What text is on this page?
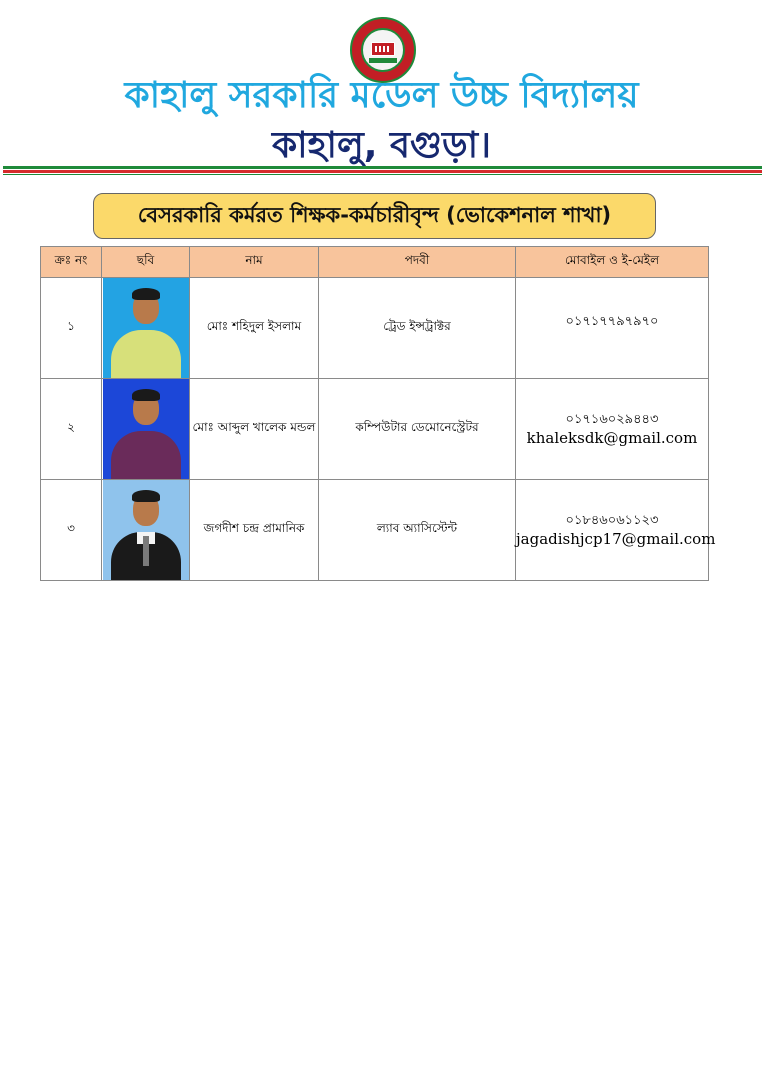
কাহালু সরকারি মডেল উচ্চ বিদ্যালয়
কাহালু, বগুড়া।
বেসরকারি কর্মরত শিক্ষক-কর্মচারীবৃন্দ (ভোকেশনাল শাখা)
ক্রঃ নং	ছবি	নাম	পদবী	মোবাইল ও ই-মেইল
১		মোঃ শহিদুল ইসলাম	ট্রেড ইন্সট্রাক্টর	০১৭১৭৭৯৭৯৭০

২		মোঃ আব্দুল খালেক মন্ডল	কম্পিউটার ডেমোনেস্ট্রেটর	০১৭১৬০২৯৪৪৩
khaleksdk@gmail.com
৩		জগদীশ চন্দ্র প্রামানিক	ল্যাব অ্যাসিস্টেন্ট	০১৮৪৬০৬১১২৩
jagadishjcp17@gmail.com
